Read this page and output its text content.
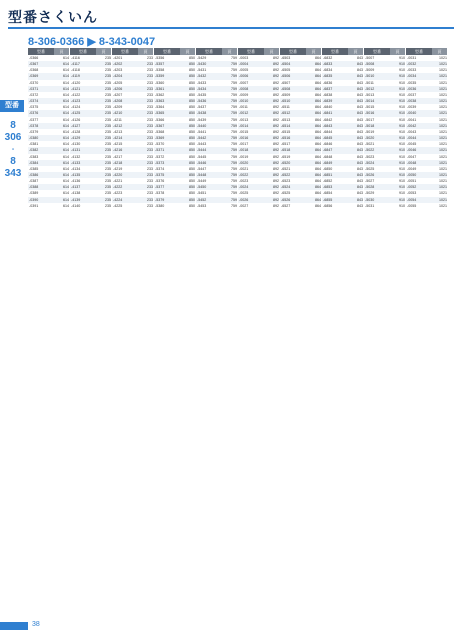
型番さくいん
8-306-0366 ▶ 8-343-0047
型番
8
306
-
8
343
型番	頁
-0366	614
-0367	614
-0368	614
-0369	614
-0370	614
-0371	614
-0372	614
-0374	614
-0375	614
-0376	614
-0377	614
-0378	614
-0379	614
-0380	614
-0381	614
-0382	614
-0383	614
-0384	614
-0385	614
-0386	614
-0387	614
-0388	614
-0389	614
-0390	614
-0391	614
型番	頁
-4116	235
-4117	235
-4118	235
-4119	235
-4120	235
-4121	235
-4122	235
-4123	235
-4124	235
-4125	235
-4126	235
-4127	235
-4128	235
-4129	235
-4130	235
-4131	235
-4132	235
-4133	235
-4134	235
-4135	235
-4136	235
-4137	235
-4138	235
-4139	235
-4140	235
型番	頁
-4201	233
-4202	233
-4203	233
-4204	233
-4205	233
-4206	233
-4207	233
-4208	233
-4209	233
-4210	233
-4211	233
-4212	233
-4213	233
-4214	233
-4215	233
-4216	233
-4217	233
-4218	233
-4219	233
-4220	233
-4221	233
-4222	233
-4223	233
-4224	233
-4225	233
型番	頁
-5356	850
-5357	850
-5358	850
-5359	850
-5360	850
-5361	850
-5362	850
-5363	850
-5364	850
-5365	850
-5366	850
-5367	850
-5368	850
-5369	850
-5370	850
-5371	850
-5372	850
-5373	850
-5374	850
-5375	850
-5376	850
-5377	850
-5378	850
-5379	850
-5380	850
型番	頁
-5429	759
-5430	759
-5431	759
-5432	759
-5433	759
-5434	759
-5435	759
-5436	759
-5437	759
-5438	759
-5439	759
-5440	759
-5441	759
-5442	759
-5443	759
-5444	759
-5445	759
-5446	759
-5447	759
-5448	759
-5449	759
-5450	759
-5451	759
-5452	759
-5453	759
型番	頁
-0003	892
-0004	892
-0005	892
-0006	892
-0007	892
-0008	892
-0009	892
-0010	892
-0011	892
-0012	892
-0013	892
-0014	892
-0015	892
-0016	892
-0017	892
-0018	892
-0019	892
-0020	892
-0021	892
-0022	892
-0023	892
-0024	892
-0025	892
-0026	892
-0027	892
型番	頁
-6503	864
-6504	864
-6505	864
-6506	864
-6507	864
-6508	864
-6509	864
-6510	864
-6511	864
-6512	864
-6513	864
-6514	864
-6515	864
-6516	864
-6517	864
-6518	864
-6519	864
-6520	864
-6521	864
-6522	864
-6523	864
-6524	864
-6525	864
-6526	864
-6527	864
型番	頁
-6832	843
-6833	843
-6834	843
-6835	843
-6836	843
-6837	843
-6838	843
-6839	843
-6840	843
-6841	843
-6842	843
-6843	843
-6844	843
-6845	843
-6846	843
-6847	843
-6848	843
-6849	843
-6850	843
-6851	843
-6852	843
-6853	843
-6854	843
-6855	843
-6856	843
型番	頁
-5007	910
-5008	910
-5009	910
-5010	910
-5011	910
-5012	910
-5013	910
-5014	910
-5015	910
-5016	910
-5017	910
-5018	910
-5019	910
-5020	910
-5021	910
-5022	910
-5023	910
-5024	910
-5025	910
-5026	910
-5027	910
-5028	910
-5029	910
-5030	910
-5031	910
型番	頁
-0031	1021
-0032	1021
-0033	1021
-0034	1021
-0035	1021
-0036	1021
-0037	1021
-0038	1021
-0039	1021
-0040	1021
-0041	1021
-0042	1021
-0043	1021
-0044	1021
-0045	1021
-0046	1021
-0047	1021
-0048	1021
-0049	1021
-0050	1021
-0051	1021
-0052	1021
-0053	1021
-0054	1021
-0055	1021
38
